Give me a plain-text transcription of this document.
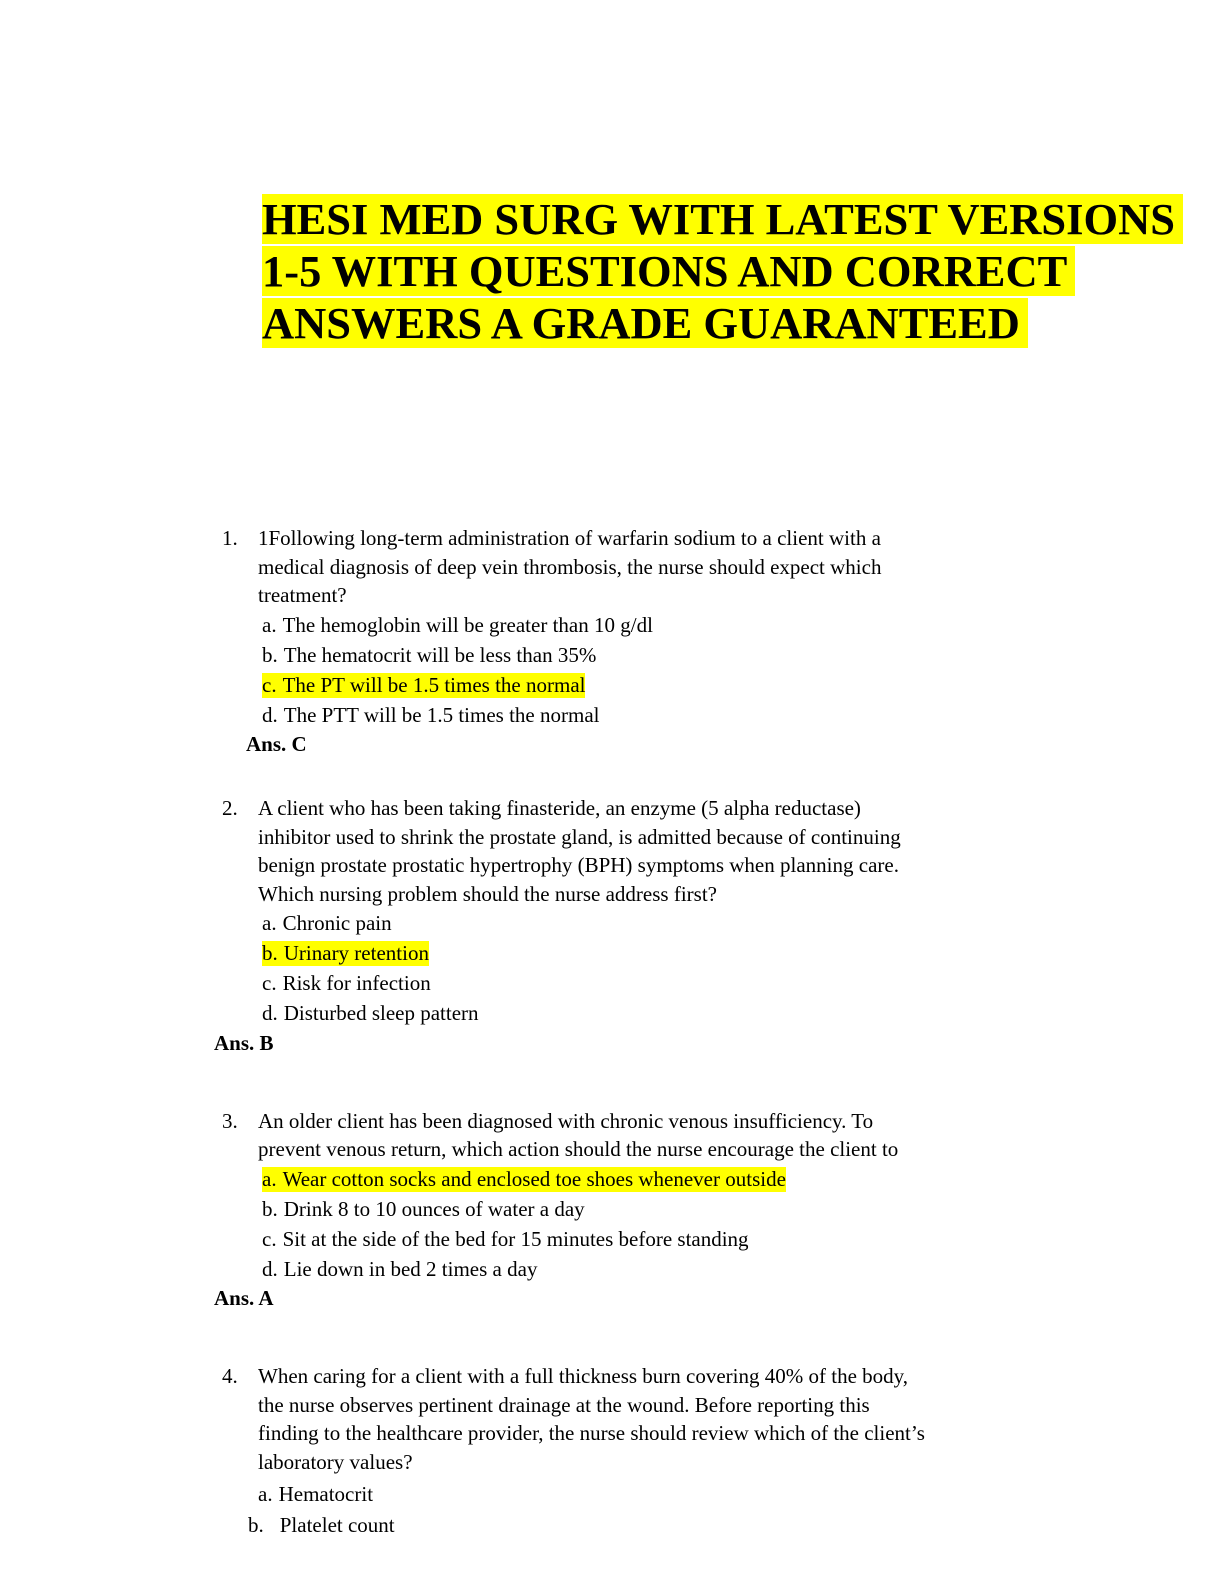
HESI MED SURG WITH LATEST VERSIONS
1-5 WITH QUESTIONS AND CORRECT
ANSWERS A GRADE GUARANTEED
1. 1Following long-term administration of warfarin sodium to a client with a
medical diagnosis of deep vein thrombosis, the nurse should expect which
treatment?
a. The hemoglobin will be greater than 10 g/dl
b. The hematocrit will be less than 35%
c. The PT will be 1.5 times the normal
d. The PTT will be 1.5 times the normal
Ans. C
2. A client who has been taking finasteride, an enzyme (5 alpha reductase)
inhibitor used to shrink the prostate gland, is admitted because of continuing
benign prostate prostatic hypertrophy (BPH) symptoms when planning care.
Which nursing problem should the nurse address first?
a. Chronic pain
b. Urinary retention
c. Risk for infection
d. Disturbed sleep pattern
Ans. B
3. An older client has been diagnosed with chronic venous insufficiency. To
prevent venous return, which action should the nurse encourage the client to
a. Wear cotton socks and enclosed toe shoes whenever outside
b. Drink 8 to 10 ounces of water a day
c. Sit at the side of the bed for 15 minutes before standing
d. Lie down in bed 2 times a day
Ans. A
4. When caring for a client with a full thickness burn covering 40% of the body,
the nurse observes pertinent drainage at the wound. Before reporting this
finding to the healthcare provider, the nurse should review which of the client’s
laboratory values?
a. Hematocrit
b. Platelet count
